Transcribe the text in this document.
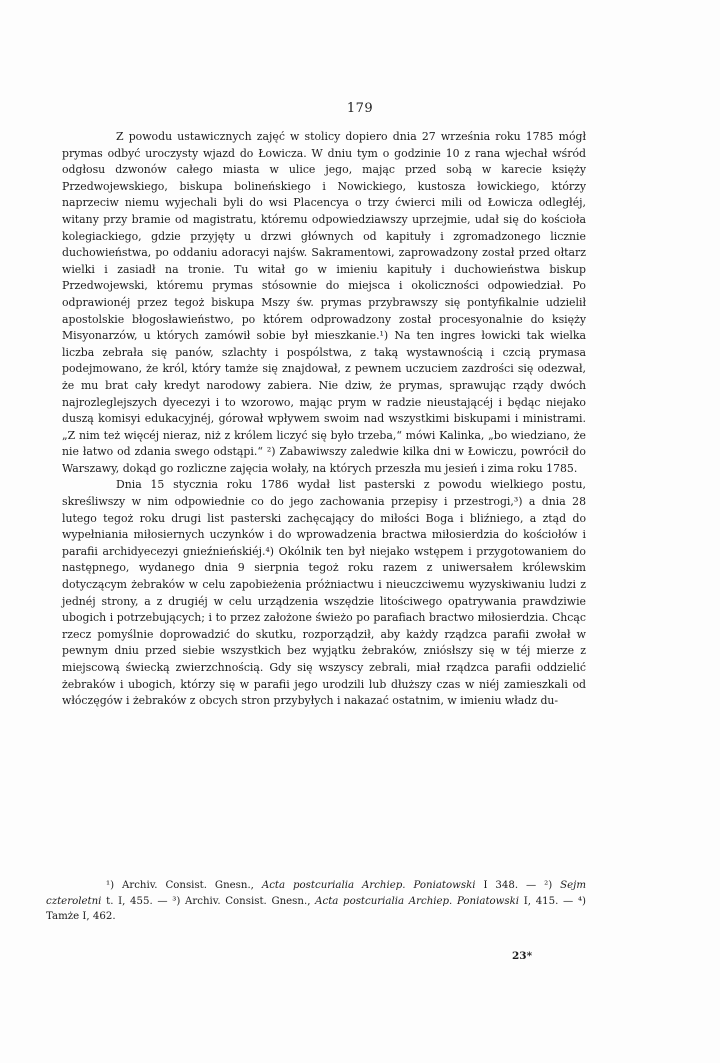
179

Z powodu ustawicznych zajęć w stolicy dopiero dnia 27 września roku 1785 mógł prymas odbyć uroczysty wjazd do Łowicza. W dniu tym o godzinie 10 z rana wjechał wśród odgłosu dzwonów całego miasta w ulice jego, mając przed sobą w karecie księży Przedwojewskiego, biskupa bolineńskiego i Nowickiego, kustosza łowickiego, którzy naprzeciw niemu wyjechali byli do wsi Placencya o trzy ćwierci mili od Łowicza odległéj, witany przy bramie od magistratu, któremu odpowiedziawszy uprzejmie, udał się do kościoła kolegiackiego, gdzie przyjęty u drzwi głównych od kapituły i zgromadzonego licznie duchowieństwa, po oddaniu adoracyi najśw. Sakramentowi, zaprowadzony został przed ołtarz wielki i zasiadł na tronie. Tu witał go w imieniu kapituły i duchowieństwa biskup Przedwojewski, któremu prymas stósownie do miejsca i okoliczności odpowiedział. Po odprawionéj przez tegoż biskupa Mszy św. prymas przybrawszy się pontyfikalnie udzielił apostolskie błogosławieństwo, po którem odprowadzony został procesyonalnie do księży Misyonarzów, u których zamówił sobie był mieszkanie.¹) Na ten ingres łowicki tak wielka liczba zebrała się panów, szlachty i pospólstwa, z taką wystawnością i czcią prymasa podejmowano, że król, który tamże się znajdował, z pewnem uczuciem zazdrości się odezwał, że mu brat cały kredyt narodowy zabiera. Nie dziw, że prymas, sprawując rządy dwóch najrozleglejszych dyecezyi i to wzorowo, mając prym w radzie nieustającéj i będąc niejako duszą komisyi edukacyjnéj, górował wpływem swoim nad wszystkimi biskupami i ministrami. „Z nim też więcéj nieraz, niż z królem liczyć się było trzeba,“ mówi Kalinka, „bo wiedziano, że nie łatwo od zdania swego odstąpi.“ ²) Zabawiwszy zaledwie kilka dni w Łowiczu, powrócił do Warszawy, dokąd go rozliczne zajęcia wołały, na których przeszła mu jesień i zima roku 1785.

Dnia 15 stycznia roku 1786 wydał list pasterski z powodu wielkiego postu, skreśliwszy w nim odpowiednie co do jego zachowania przepisy i przestrogi,³) a dnia 28 lutego tegoż roku drugi list pasterski zachęcający do miłości Boga i bliźniego, a ztąd do wypełniania miłosiernych uczynków i do wprowadzenia bractwa miłosierdzia do kościołów i parafii archidyecezyi gnieźnieńskiéj.⁴) Okólnik ten był niejako wstępem i przygotowaniem do następnego, wydanego dnia 9 sierpnia tegoż roku razem z uniwersałem królewskim dotyczącym żebraków w celu zapobieżenia próżniactwu i nieuczciwemu wyzyskiwaniu ludzi z jednéj strony, a z drugiéj w celu urządzenia wszędzie litościwego opatrywania prawdziwie ubogich i potrzebujących; i to przez założone świeżo po parafiach bractwo miłosierdzia. Chcąc rzecz pomyślnie doprowadzić do skutku, rozporządził, aby każdy rządzca parafii zwołał w pewnym dniu przed siebie wszystkich bez wyjątku żebraków, zniósłszy się w téj mierze z miejscową świecką zwierzchnością. Gdy się wszyscy zebrali, miał rządzca parafii oddzielić żebraków i ubogich, którzy się w parafii jego urodzili lub dłuższy czas w niéj zamieszkali od włóczęgów i żebraków z obcych stron przybyłych i nakazać ostatnim, w imieniu władz du-

¹) Archiv. Consist. Gnesn., Acta postcurialia Archiep. Poniatowski I 348. — ²) Sejm czteroletni t. I, 455. — ³) Archiv. Consist. Gnesn., Acta postcurialia Archiep. Poniatowski I, 415. — ⁴) Tamże I, 462.

23*
